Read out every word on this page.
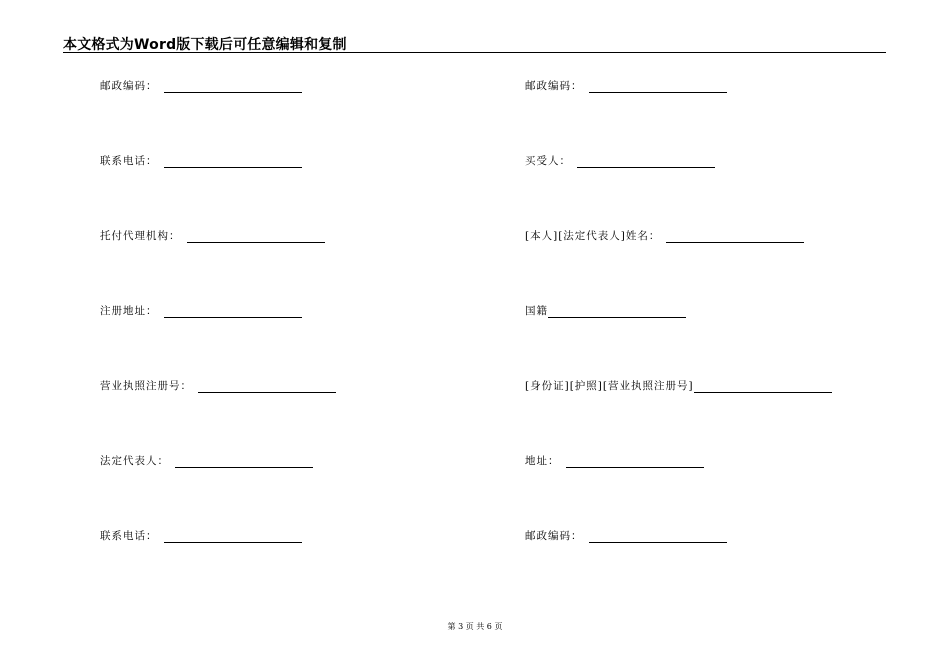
本文格式为Word版下载后可任意编辑和复制
邮政编码：
联系电话：
托付代理机构：
注册地址：
营业执照注册号：
法定代表人：
联系电话：
邮政编码：
买受人：
[本人][法定代表人]姓名：
国籍
[身份证][护照][营业执照注册号]
地址：
邮政编码：
第 3 页 共 6 页
